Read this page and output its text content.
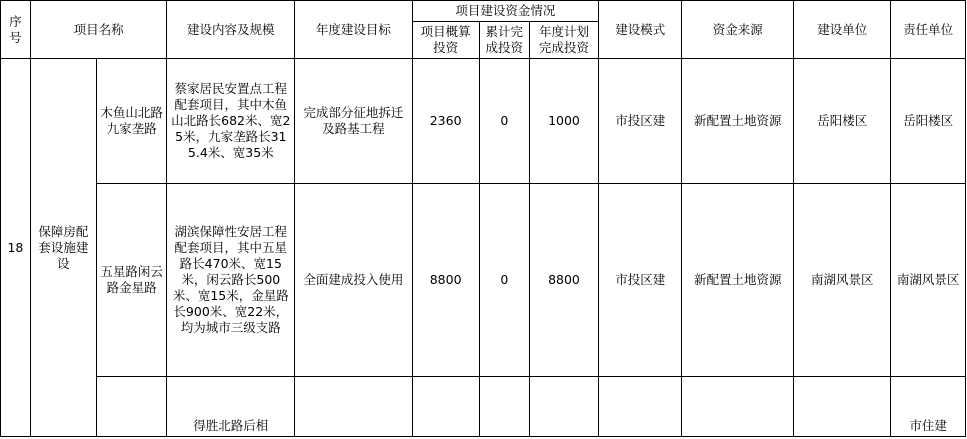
序号	项目名称		建设内容及规模	年度建设目标	项目建设资金情况			建设模式	资金来源	建设单位	责任单位
					项目概算投资	累计完成投资	年度计划完成投资				
18	保障房配套设施建设	木鱼山北路九家垄路	蔡家居民安置点工程配套项目，其中木鱼山北路长682米、宽25米，九家垄路长315.4米、宽35米	完成部分征地拆迁及路基工程	2360	0	1000	市投区建	新配置土地资源	岳阳楼区	岳阳楼区
		五星路闲云路金星路	湖滨保障性安居工程配套项目，其中五星路长470米、宽15米，闲云路长500米、宽15米，金星路长900米、宽22米，均为城市三级支路	全面建成投入使用	8800	0	8800	市投区建	新配置土地资源	南湖风景区	南湖风景区
			得胜北路后相								市住建
